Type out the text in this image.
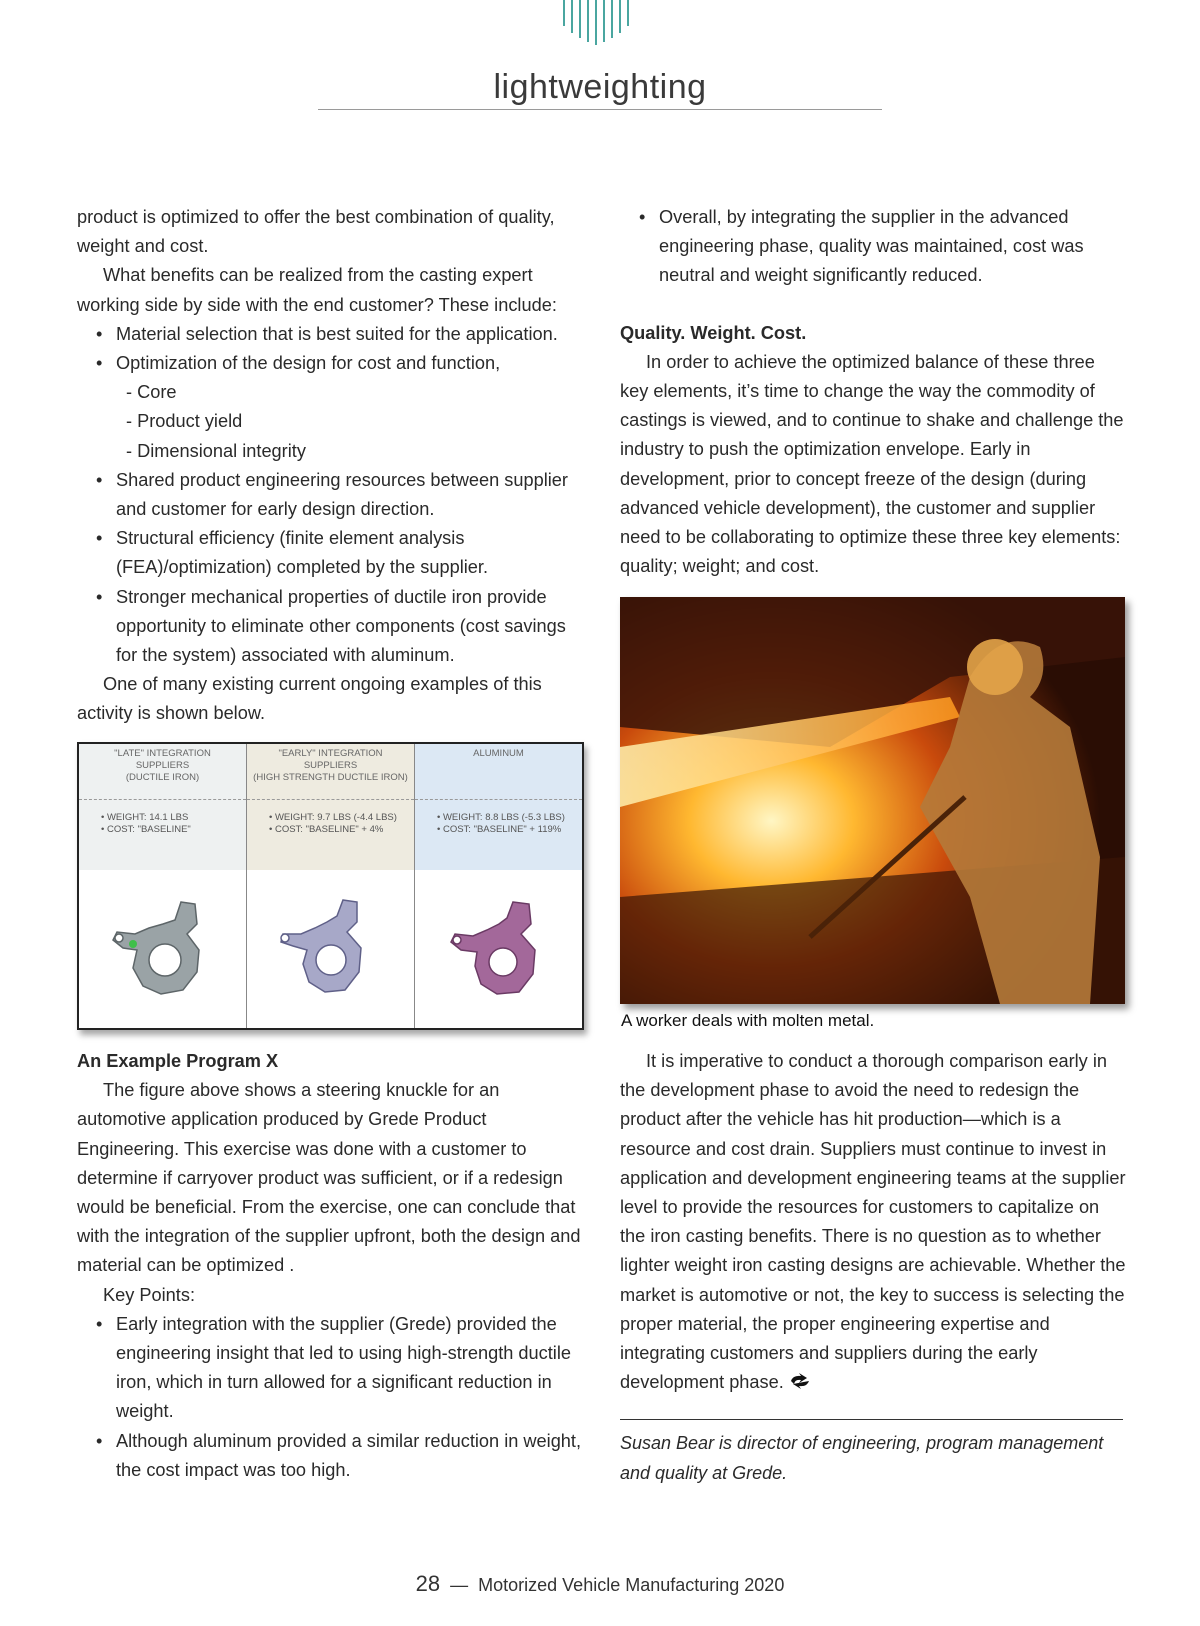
lightweighting

product is optimized to offer the best combination of quality, weight and cost.

What benefits can be realized from the casting expert working side by side with the end customer? These include:

• Material selection that is best suited for the application.
• Optimization of the design for cost and function,
- Core
- Product yield
- Dimensional integrity
• Shared product engineering resources between supplier and customer for early design direction.
• Structural efficiency (finite element analysis (FEA)/optimization) completed by the supplier.
• Stronger mechanical properties of ductile iron provide opportunity to eliminate other components (cost savings for the system) associated with aluminum.

One of many existing current ongoing examples of this activity is shown below.

"LATE" INTEGRATION
SUPPLIERS
(DUCTILE IRON)
• WEIGHT: 14.1 LBS
• COST: "BASELINE"
"EARLY" INTEGRATION
SUPPLIERS
(HIGH STRENGTH DUCTILE IRON)
• WEIGHT: 9.7 LBS (-4.4 LBS)
• COST: "BASELINE" + 4%
ALUMINUM
• WEIGHT: 8.8 LBS (-5.3 LBS)
• COST: "BASELINE" + 119%

An Example Program X

The figure above shows a steering knuckle for an automotive application produced by Grede Product Engineering. This exercise was done with a customer to determine if carryover product was sufficient, or if a redesign would be beneficial. From the exercise, one can conclude that with the integration of the supplier upfront, both the design and material can be optimized .

Key Points:

• Early integration with the supplier (Grede) provided the engineering insight that led to using high-strength ductile iron, which in turn allowed for a significant reduction in weight.
• Although aluminum provided a similar reduction in weight, the cost impact was too high.
• Overall, by integrating the supplier in the advanced engineering phase, quality was maintained, cost was neutral and weight significantly reduced.

Quality. Weight. Cost.

In order to achieve the optimized balance of these three key elements, it’s time to change the way the commodity of castings is viewed, and to continue to shake and challenge the industry to push the optimization envelope. Early in development, prior to concept freeze of the design (during advanced vehicle development), the customer and supplier need to be collaborating to optimize these three key elements: quality; weight; and cost.

A worker deals with molten metal.

It is imperative to conduct a thorough comparison early in the development phase to avoid the need to redesign the product after the vehicle has hit production—which is a resource and cost drain. Suppliers must continue to invest in application and development engineering teams at the supplier level to provide the resources for customers to capitalize on the iron casting benefits. There is no question as to whether lighter weight iron casting designs are achievable. Whether the market is automotive or not, the key to success is selecting the proper material, the proper engineering expertise and integrating customers and suppliers during the early development phase.

Susan Bear is director of engineering, program management and quality at Grede.
28 — Motorized Vehicle Manufacturing 2020
